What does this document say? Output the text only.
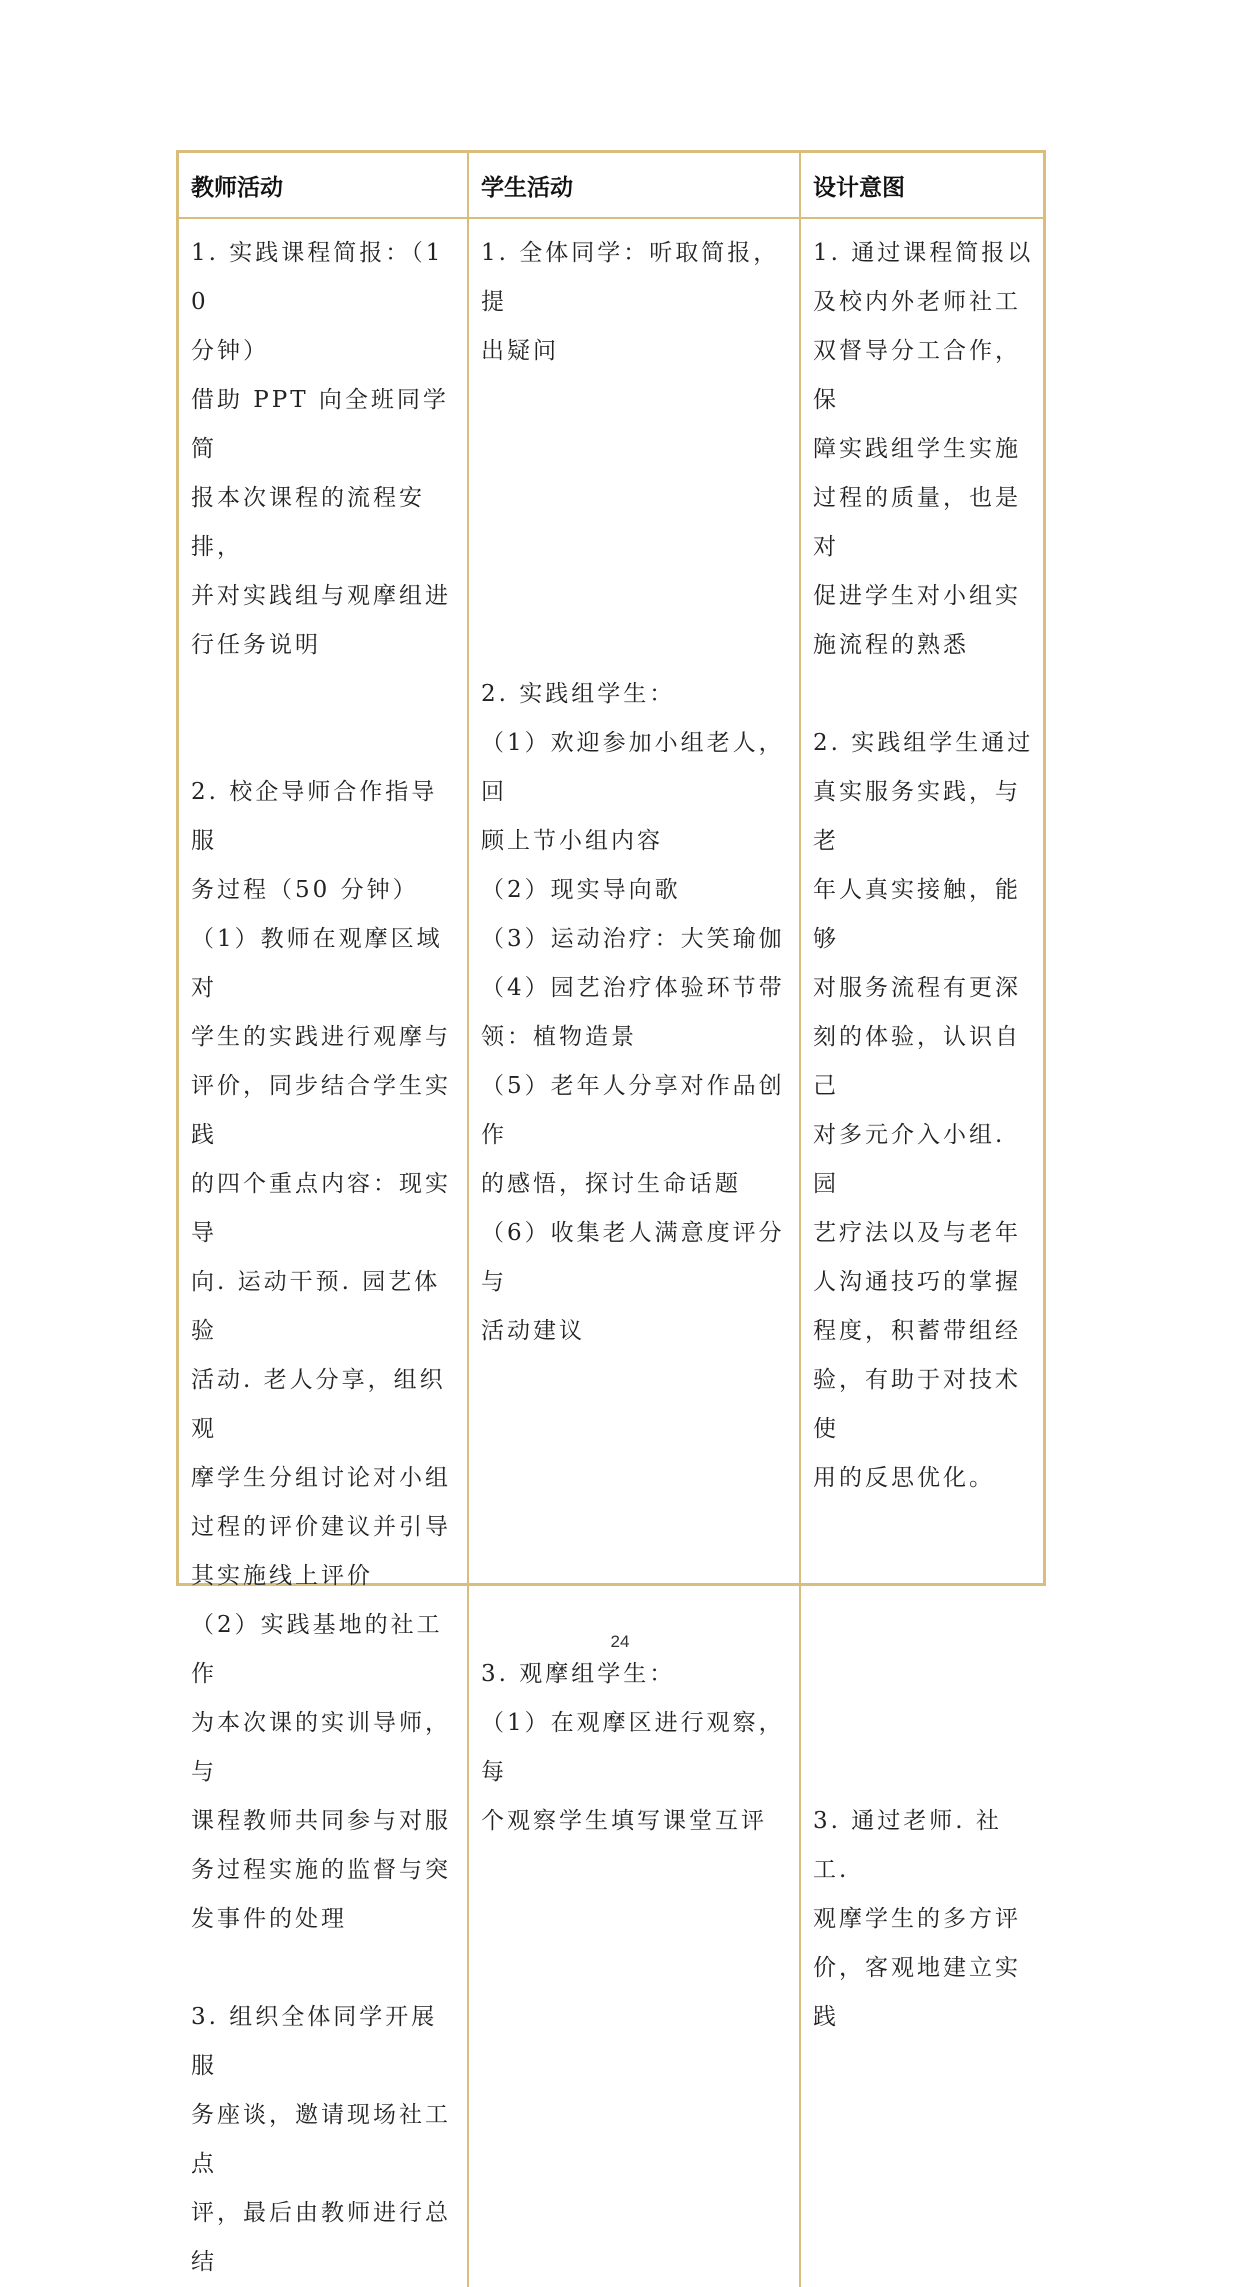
教师活动	学生活动	设计意图

1. 实践课程简报：（10

分钟）

借助 PPT 向全班同学简

报本次课程的流程安排，

并对实践组与观摩组进

行任务说明

2. 校企导师合作指导服

务过程（50 分钟）

（1）教师在观摩区域对

学生的实践进行观摩与

评价，同步结合学生实践

的四个重点内容：现实导

向. 运动干预. 园艺体验

活动. 老人分享，组织观

摩学生分组讨论对小组

过程的评价建议并引导

其实施线上评价

（2）实践基地的社工作

为本次课的实训导师，与

课程教师共同参与对服

务过程实施的监督与突

发事件的处理

3. 组织全体同学开展服

务座谈，邀请现场社工点

评，最后由教师进行总结

1. 全体同学：听取简报，提

出疑问

2. 实践组学生：

（1）欢迎参加小组老人，回

顾上节小组内容

（2）现实导向歌

（3）运动治疗：大笑瑜伽

（4）园艺治疗体验环节带

领：植物造景

（5）老年人分享对作品创作

的感悟，探讨生命话题

（6）收集老人满意度评分与

活动建议

3. 观摩组学生：

（1）在观摩区进行观察，每

个观察学生填写课堂互评

1. 通过课程简报以

及校内外老师社工

双督导分工合作，保

障实践组学生实施

过程的质量，也是对

促进学生对小组实

施流程的熟悉

2. 实践组学生通过

真实服务实践，与老

年人真实接触，能够

对服务流程有更深

刻的体验，认识自己

对多元介入小组. 园

艺疗法以及与老年

人沟通技巧的掌握

程度，积蓄带组经

验，有助于对技术使

用的反思优化。

3. 通过老师. 社工.

观摩学生的多方评

价，客观地建立实践

24
